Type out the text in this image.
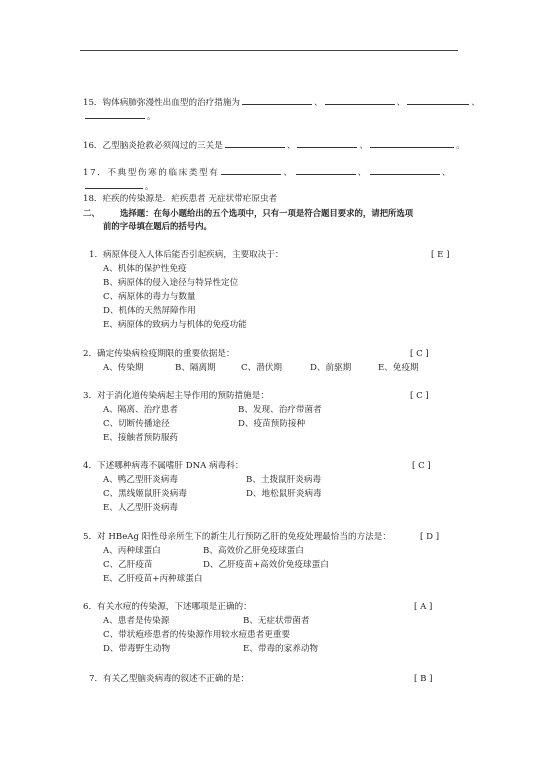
15．钩体病肺弥漫性出血型的治疗措施为	、	、	、
。
16．乙型脑炎抢救必须闯过的三关是	、	、	。
17．不典型伤寒的临床类型有	、	、	、
。
18．疟疾的传染源是．疟疾患者 无症状带疟原虫者
二、 选择题：在每小题给出的五个选项中，只有一项是符合题目要求的，请把所选项
前的字母填在题后的括号内。
1．病原体侵入人体后能否引起疾病，主要取决于：	[ E ]
A、机体的保护性免疫
B、病原体的侵入途径与特异性定位
C、病原体的毒力与数量
D、机体的天然屏障作用
E、病原体的致病力与机体的免疫功能
2．确定传染病检疫期限的重要依据是：	[ C ]
A、传染期	B、隔离期	C、潜伏期	D、前驱期	E、免疫期
3．对于消化道传染病起主导作用的预防措施是：	[ C ]
A、隔离、治疗患者	B、发现、治疗带菌者
C、切断传播途径	D、疫苗预防接种
E、接触者预防服药
4．下述哪种病毒不属嗜肝 DNA 病毒科：	[ C ]
A、鸭乙型肝炎病毒	B、土拨鼠肝炎病毒
C、黑线姬鼠肝炎病毒	D、地松鼠肝炎病毒
E、人乙型肝炎病毒
5．对 HBeAg 阳性母亲所生下的新生儿行预防乙肝的免疫处理最恰当的方法是：	[ D ]
A、丙种球蛋白	B、高效价乙肝免疫球蛋白
C、乙肝疫苗	D、乙肝疫苗+高效价免疫球蛋白
E、乙肝疫苗+丙种球蛋白
6．有关水痘的传染源，下述哪项是正确的：	[ A ]
A、患者是传染源	B、无症状带菌者
C、带状疱疹患者的传染源作用较水痘患者更重要
D、带毒野生动物	E、带毒的家养动物
7．有关乙型脑炎病毒的叙述不正确的是：	[ B ]
